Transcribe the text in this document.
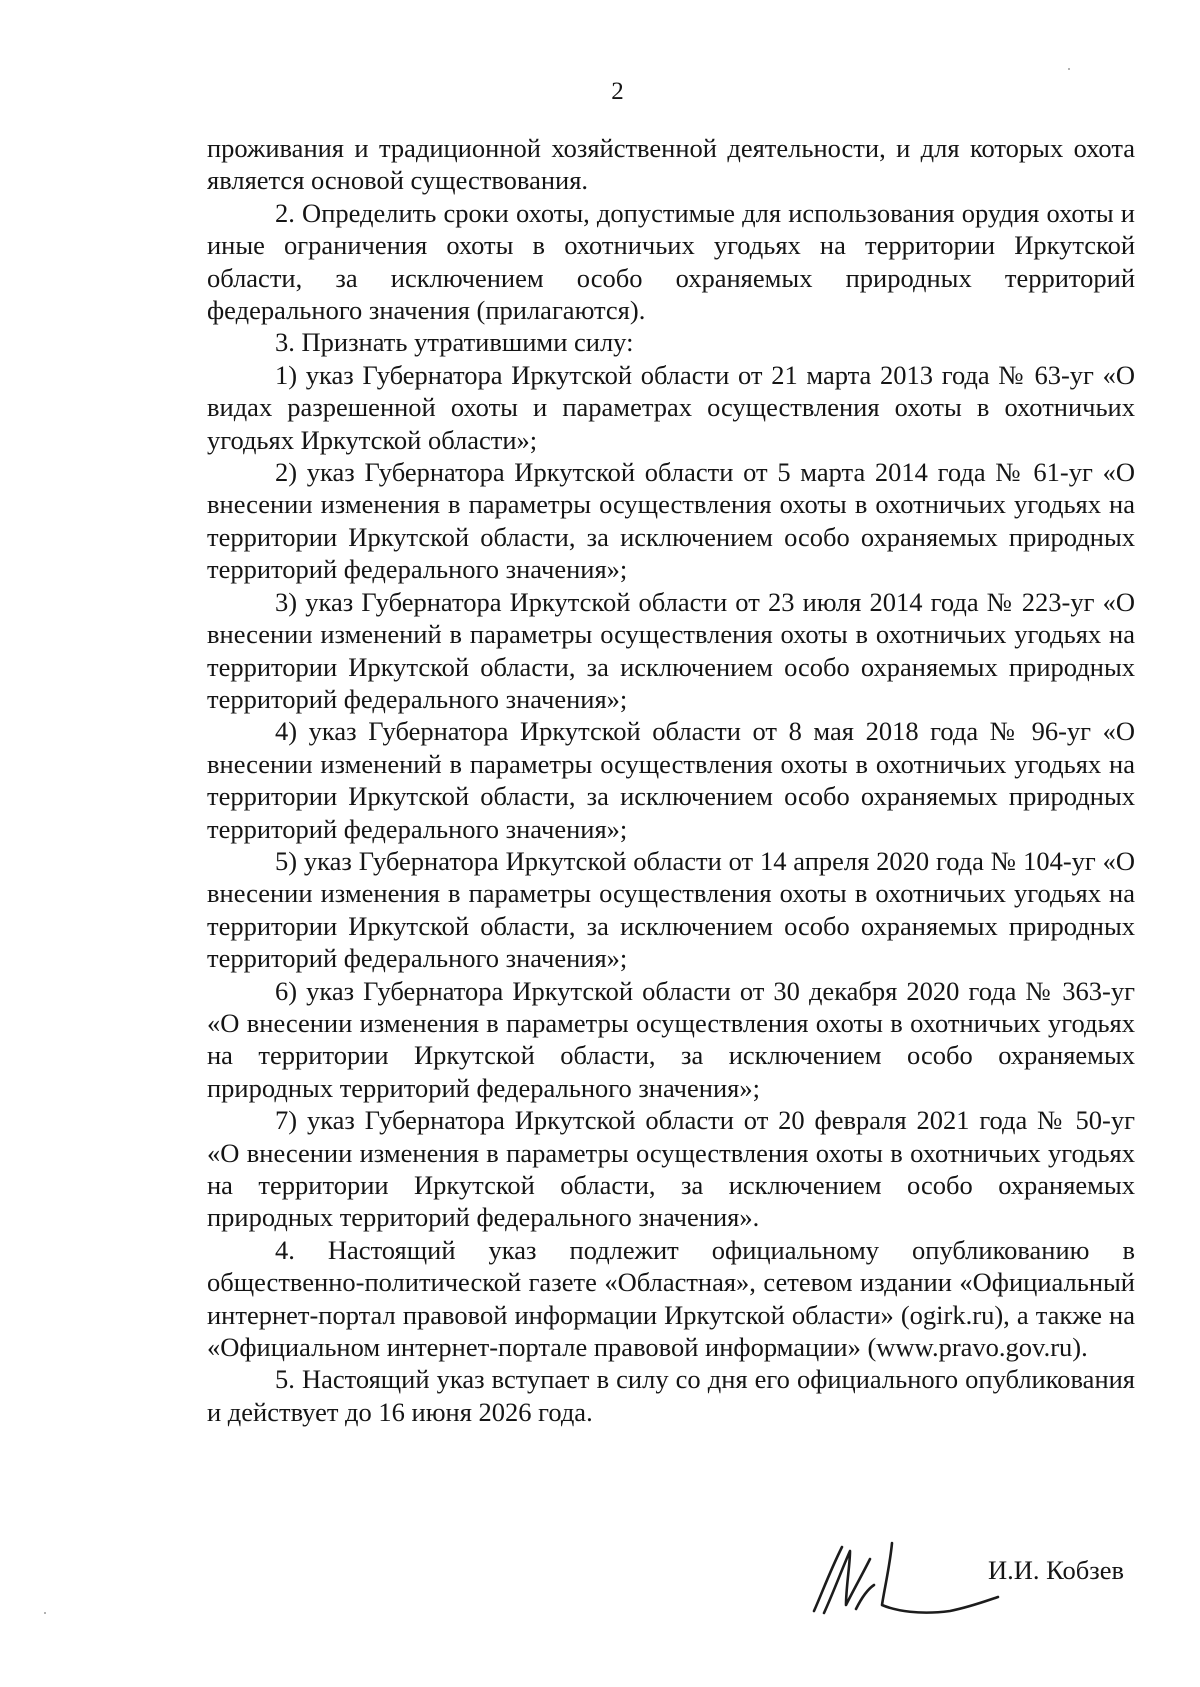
2

проживания и традиционной хозяйственной деятельности, и для которых охота является основой существования.

2. Определить сроки охоты, допустимые для использования орудия охоты и иные ограничения охоты в охотничьих угодьях на территории Иркутской области, за исключением особо охраняемых природных территорий федерального значения (прилагаются).

3. Признать утратившими силу:

1) указ Губернатора Иркутской области от 21 марта 2013 года № 63-уг «О видах разрешенной охоты и параметрах осуществления охоты в охотничьих угодьях Иркутской области»;

2) указ Губернатора Иркутской области от 5 марта 2014 года № 61-уг «О внесении изменения в параметры осуществления охоты в охотничьих угодьях на территории Иркутской области, за исключением особо охраняемых природных территорий федерального значения»;

3) указ Губернатора Иркутской области от 23 июля 2014 года № 223-уг «О внесении изменений в параметры осуществления охоты в охотничьих угодьях на территории Иркутской области, за исключением особо охраняемых природных территорий федерального значения»;

4) указ Губернатора Иркутской области от 8 мая 2018 года № 96-уг «О внесении изменений в параметры осуществления охоты в охотничьих угодьях на территории Иркутской области, за исключением особо охраняемых природных территорий федерального значения»;

5) указ Губернатора Иркутской области от 14 апреля 2020 года № 104-уг «О внесении изменения в параметры осуществления охоты в охотничьих угодьях на территории Иркутской области, за исключением особо охраняемых природных территорий федерального значения»;

6) указ Губернатора Иркутской области от 30 декабря 2020 года № 363-уг «О внесении изменения в параметры осуществления охоты в охотничьих угодьях на территории Иркутской области, за исключением особо охраняемых природных территорий федерального значения»;

7) указ Губернатора Иркутской области от 20 февраля 2021 года № 50-уг «О внесении изменения в параметры осуществления охоты в охотничьих угодьях на территории Иркутской области, за исключением особо охраняемых природных территорий федерального значения».

4. Настоящий указ подлежит официальному опубликованию в общественно-политической газете «Областная», сетевом издании «Официальный интернет-портал правовой информации Иркутской области» (ogirk.ru), а также на «Официальном интернет-портале правовой информации» (www.pravo.gov.ru).

5. Настоящий указ вступает в силу со дня его официального опубликования и действует до 16 июня 2026 года.

И.И. Кобзев
